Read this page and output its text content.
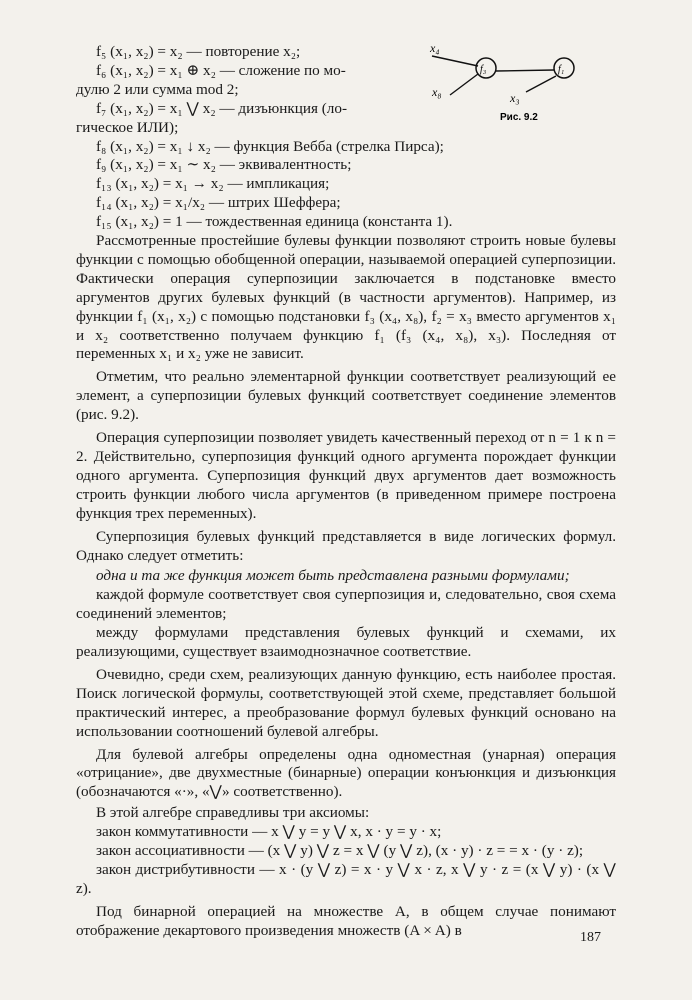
x₄
x₈
f₃
x₃
f₁
Рис. 9.2

f₅ (x₁, x₂) = x₂ — повторение x₂;

f₆ (x₁, x₂) = x₁ ⊕ x₂ — сложение по мо-

дулю 2 или сумма mod 2;

f₇ (x₁, x₂) = x₁ ⋁ x₂ — дизъюнкция (ло-

гическое ИЛИ);

f₈ (x₁, x₂) = x₁ ↓ x₂ — функция Вебба (стрелка Пирса);

f₉ (x₁, x₂) = x₁ ∼ x₂ — эквивалентность;

f₁₃ (x₁, x₂) = x₁ → x₂ — импликация;

f₁₄ (x₁, x₂) = x₁/x₂ — штрих Шеффера;

f₁₅ (x₁, x₂) = 1 — тождественная единица (константа 1).

Рассмотренные простейшие булевы функции позволяют строить новые булевы функции с помощью обобщенной операции, называемой операцией суперпозиции. Фактически операция суперпозиции заключается в подстановке вместо аргументов других булевых функций (в частности аргументов). Например, из функции f₁ (x₁, x₂) с помощью подстановки f₃ (x₄, x₈), f₂ = x₃ вместо аргументов x₁ и x₂ соответственно получаем функцию f₁ (f₃ (x₄, x₈), x₃). Последняя от переменных x₁ и x₂ уже не зависит.

Отметим, что реально элементарной функции соответствует реализующий ее элемент, а суперпозиции булевых функций соответствует соединение элементов (рис. 9.2).

Операция суперпозиции позволяет увидеть качественный переход от n = 1 к n = 2. Действительно, суперпозиция функций одного аргумента порождает функции одного аргумента. Суперпозиция функций двух аргументов дает возможность строить функции любого числа аргументов (в приведенном примере построена функция трех переменных).

Суперпозиция булевых функций представляется в виде логических формул. Однако следует отметить:

одна и та же функция может быть представлена разными формулами;

каждой формуле соответствует своя суперпозиция и, следовательно, своя схема соединений элементов;

между формулами представления булевых функций и схемами, их реализующими, существует взаимоднозначное соответствие.

Очевидно, среди схем, реализующих данную функцию, есть наиболее простая. Поиск логической формулы, соответствующей этой схеме, представляет большой практический интерес, а преобразование формул булевых функций основано на использовании соотношений булевой алгебры.

Для булевой алгебры определены одна одноместная (унарная) операция «отрицание», две двухместные (бинарные) операции конъюнкция и дизъюнкция (обозначаются «·», «⋁» соответственно).

В этой алгебре справедливы три аксиомы:

закон коммутативности — x ⋁ y = y ⋁ x, x · y = y · x;

закон ассоциативности — (x ⋁ y) ⋁ z = x ⋁ (y ⋁ z), (x · y) · z = = x · (y · z);

закон дистрибутивности — x · (y ⋁ z) = x · y ⋁ x · z, x ⋁ y · z = (x ⋁ y) · (x ⋁ z).

Под бинарной операцией на множестве A, в общем случае понимают отображение декартового произведения множеств (A × A) в	187
